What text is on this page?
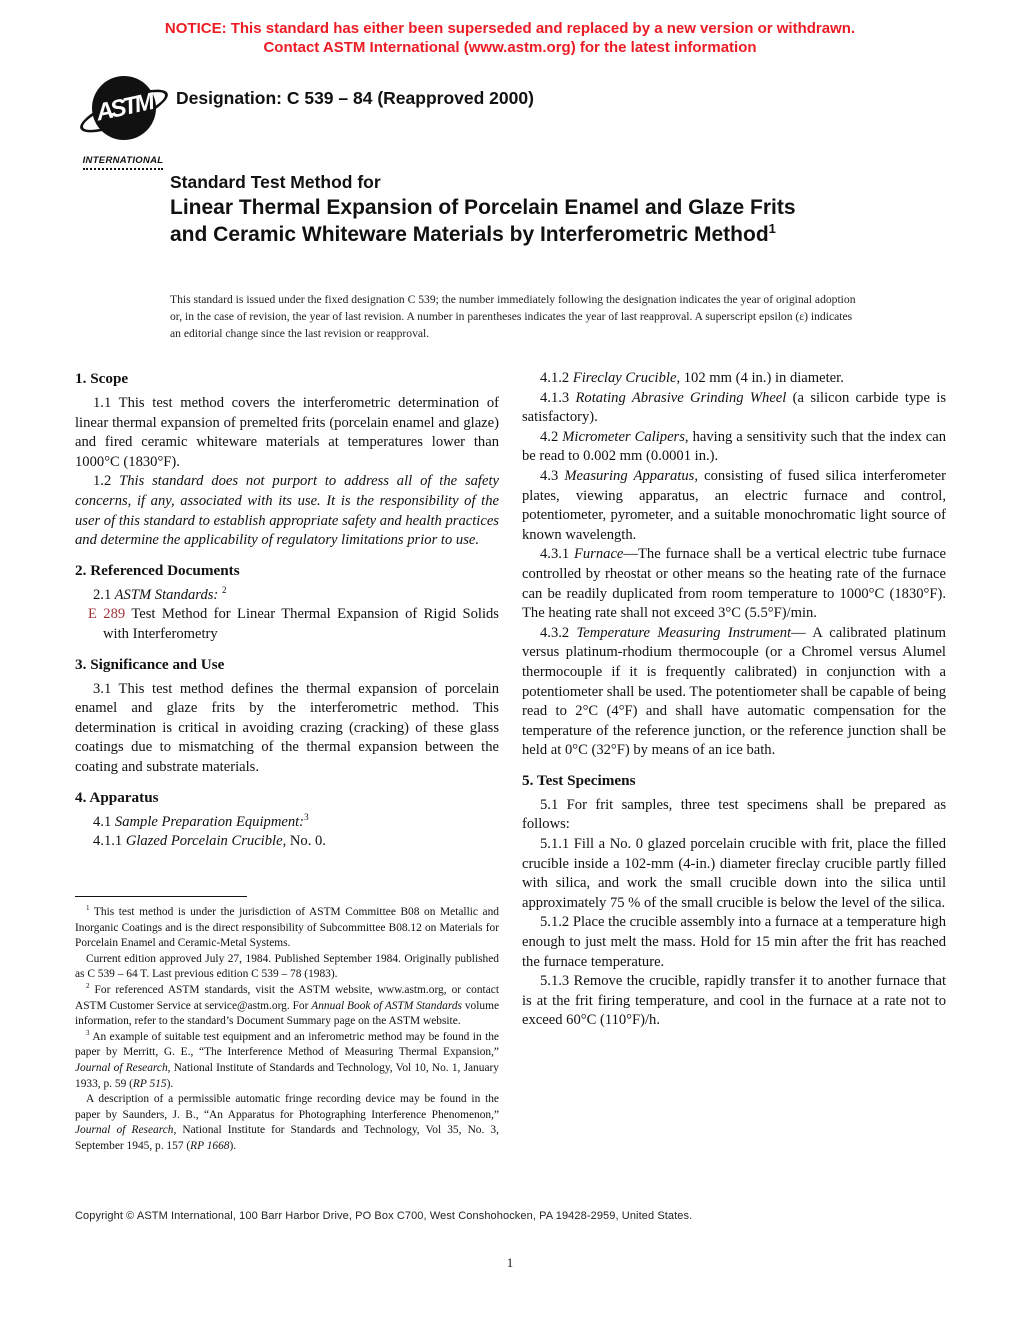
NOTICE: This standard has either been superseded and replaced by a new version or withdrawn.
Contact ASTM International (www.astm.org) for the latest information
ASTM
INTERNATIONAL
Designation: C 539 – 84 (Reapproved 2000)

Standard Test Method for

Linear Thermal Expansion of Porcelain Enamel and Glaze Frits and Ceramic Whiteware Materials by Interferometric Method$^1$

This standard is issued under the fixed designation C 539; the number immediately following the designation indicates the year of original adoption or, in the case of revision, the year of last revision. A number in parentheses indicates the year of last reapproval. A superscript epsilon (ε) indicates an editorial change since the last revision or reapproval.
1. Scope

1.1 This test method covers the interferometric determination of linear thermal expansion of premelted frits (porcelain enamel and glaze) and fired ceramic whiteware materials at temperatures lower than 1000°C (1830°F).

1.2 This standard does not purport to address all of the safety concerns, if any, associated with its use. It is the responsibility of the user of this standard to establish appropriate safety and health practices and determine the applicability of regulatory limitations prior to use.

2. Referenced Documents

2.1 ASTM Standards: $^2$

E 289 Test Method for Linear Thermal Expansion of Rigid Solids with Interferometry

3. Significance and Use

3.1 This test method defines the thermal expansion of porcelain enamel and glaze frits by the interferometric method. This determination is critical in avoiding crazing (cracking) of these glass coatings due to mismatching of the thermal expansion between the coating and substrate materials.

4. Apparatus

4.1 Sample Preparation Equipment:$^3$

4.1.1 Glazed Porcelain Crucible, No. 0.

$^1$ This test method is under the jurisdiction of ASTM Committee B08 on Metallic and Inorganic Coatings and is the direct responsibility of Subcommittee B08.12 on Materials for Porcelain Enamel and Ceramic-Metal Systems.

Current edition approved July 27, 1984. Published September 1984. Originally published as C 539 – 64 T. Last previous edition C 539 – 78 (1983).

$^2$ For referenced ASTM standards, visit the ASTM website, www.astm.org, or contact ASTM Customer Service at service@astm.org. For Annual Book of ASTM Standards volume information, refer to the standard’s Document Summary page on the ASTM website.

$^3$ An example of suitable test equipment and an inferometric method may be found in the paper by Merritt, G. E., “The Interference Method of Measuring Thermal Expansion,” Journal of Research, National Institute of Standards and Technology, Vol 10, No. 1, January 1933, p. 59 (RP 515).

A description of a permissible automatic fringe recording device may be found in the paper by Saunders, J. B., “An Apparatus for Photographing Interference Phenomenon,” Journal of Research, National Institute for Standards and Technology, Vol 35, No. 3, September 1945, p. 157 (RP 1668).

4.1.2 Fireclay Crucible, 102 mm (4 in.) in diameter.

4.1.3 Rotating Abrasive Grinding Wheel (a silicon carbide type is satisfactory).

4.2 Micrometer Calipers, having a sensitivity such that the index can be read to 0.002 mm (0.0001 in.).

4.3 Measuring Apparatus, consisting of fused silica interferometer plates, viewing apparatus, an electric furnace and control, potentiometer, pyrometer, and a suitable monochromatic light source of known wavelength.

4.3.1 Furnace—The furnace shall be a vertical electric tube furnace controlled by rheostat or other means so the heating rate of the furnace can be readily duplicated from room temperature to 1000°C (1830°F). The heating rate shall not exceed 3°C (5.5°F)/min.

4.3.2 Temperature Measuring Instrument— A calibrated platinum versus platinum-rhodium thermocouple (or a Chromel versus Alumel thermocouple if it is frequently calibrated) in conjunction with a potentiometer shall be used. The potentiometer shall be capable of being read to 2°C (4°F) and shall have automatic compensation for the temperature of the reference junction, or the reference junction shall be held at 0°C (32°F) by means of an ice bath.

5. Test Specimens

5.1 For frit samples, three test specimens shall be prepared as follows:

5.1.1 Fill a No. 0 glazed porcelain crucible with frit, place the filled crucible inside a 102-mm (4-in.) diameter fireclay crucible partly filled with silica, and work the small crucible down into the silica until approximately 75 % of the small crucible is below the level of the silica.

5.1.2 Place the crucible assembly into a furnace at a temperature high enough to just melt the mass. Hold for 15 min after the frit has reached the furnace temperature.

5.1.3 Remove the crucible, rapidly transfer it to another furnace that is at the frit firing temperature, and cool in the furnace at a rate not to exceed 60°C (110°F)/h.

Copyright © ASTM International, 100 Barr Harbor Drive, PO Box C700, West Conshohocken, PA 19428-2959, United States.
1
